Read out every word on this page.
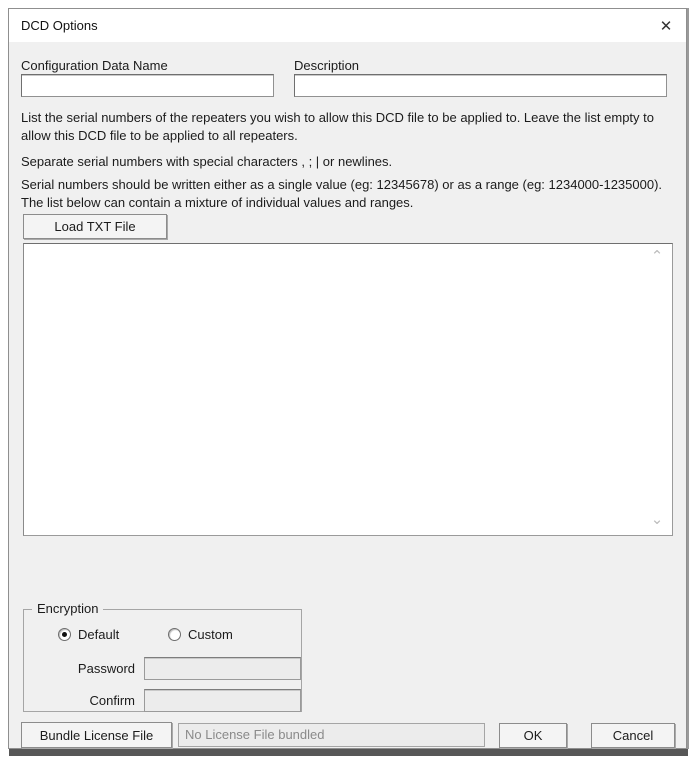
DCD Options	✕
Configuration Data Name	Description
List the serial numbers of the repeaters you wish to allow this DCD file to be applied to. Leave the list empty to allow this DCD file to be applied to all repeaters.
Separate serial numbers with special characters , ; | or newlines.
Serial numbers should be written either as a single value (eg: 12345678) or as a range (eg: 1234000-1235000). The list below can contain a mixture of individual values and ranges.
Load TXT File
⌃
⌄
Encryption
Default	Custom
Password
Confirm
Bundle License File	No License File bundled	OK	Cancel
